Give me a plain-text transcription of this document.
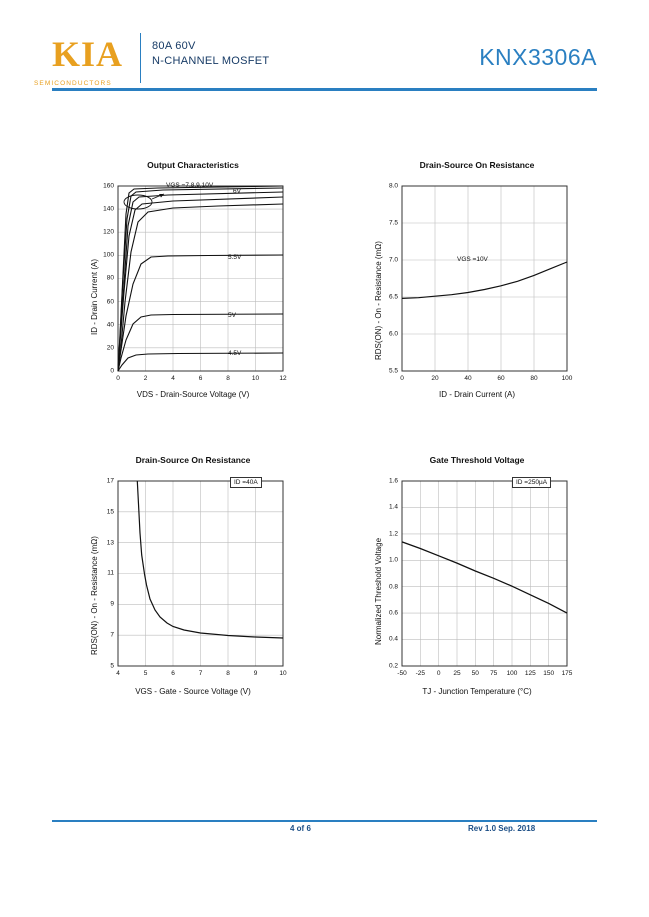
KIA
SEMICONDUCTORS
80A 60V
N-CHANNEL MOSFET	KNX3306A
Output Characteristics
160
140
120
100
80
60
40
20
0
0	2	4	6	8	10	12
VGS =7,8,9,10V
6V
5.5V
5V
4.5V
VDS - Drain-Source Voltage (V)
ID - Drain Current (A)
Drain-Source On Resistance
8.0
7.5
7.0
6.5
6.0
5.5
0	20	40	60	80	100
VGS =10V
ID - Drain Current (A)
RDS(ON) - On - Resistance (mΩ)
Drain-Source On Resistance
17
15
13
11
9
7
5
4	5	6	7	8	9	10
ID =40A
VGS - Gate - Source Voltage (V)
RDS(ON) - On - Resistance (mΩ)
Gate Threshold Voltage
1.6
1.4
1.2
1.0
0.8
0.6
0.4
0.2
-50 -25 0 25 50 75 100 125 150 175
ID =250µA
TJ - Junction Temperature (°C)
Normalized Threshold Voltage
4 of 6	Rev 1.0 Sep. 2018
